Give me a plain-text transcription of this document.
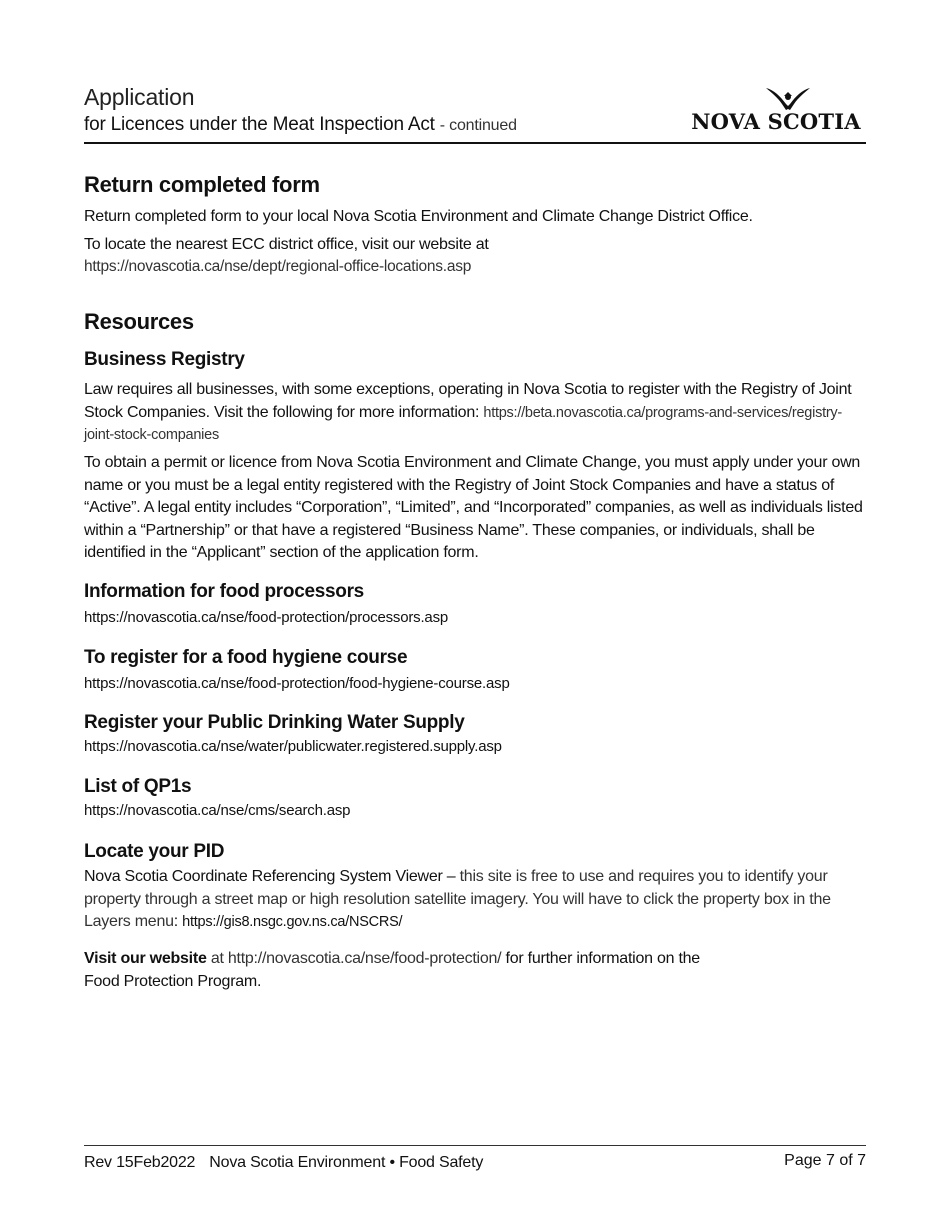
Application
for Licences under the Meat Inspection Act - continued	NOVA SCOTIA
Return completed form
Return completed form to your local Nova Scotia Environment and Climate Change District Office.
To locate the nearest ECC district office, visit our website at
https://novascotia.ca/nse/dept/regional-office-locations.asp
Resources
Business Registry
Law requires all businesses, with some exceptions, operating in Nova Scotia to register with the Registry of Joint Stock Companies. Visit the following for more information: https://beta.novascotia.ca/programs-and-services/registry-joint-stock-companies
To obtain a permit or licence from Nova Scotia Environment and Climate Change, you must apply under your own name or you must be a legal entity registered with the Registry of Joint Stock Companies and have a status of “Active”. A legal entity includes “Corporation”, “Limited”, and “Incorporated” companies, as well as individuals listed within a “Partnership” or that have a registered “Business Name”. These companies, or individuals, shall be identified in the “Applicant” section of the application form.
Information for food processors
https://novascotia.ca/nse/food-protection/processors.asp
To register for a food hygiene course
https://novascotia.ca/nse/food-protection/food-hygiene-course.asp
Register your Public Drinking Water Supply
https://novascotia.ca/nse/water/publicwater.registered.supply.asp
List of QP1s
https://novascotia.ca/nse/cms/search.asp
Locate your PID
Nova Scotia Coordinate Referencing System Viewer – this site is free to use and requires you to identify your property through a street map or high resolution satellite imagery. You will have to click the property box in the Layers menu: https://gis8.nsgc.gov.ns.ca/NSCRS/
Visit our website at http://novascotia.ca/nse/food-protection/ for further information on the
Food Protection Program.
Rev 15Feb2022 Nova Scotia Environment • Food Safety	Page 7 of 7
